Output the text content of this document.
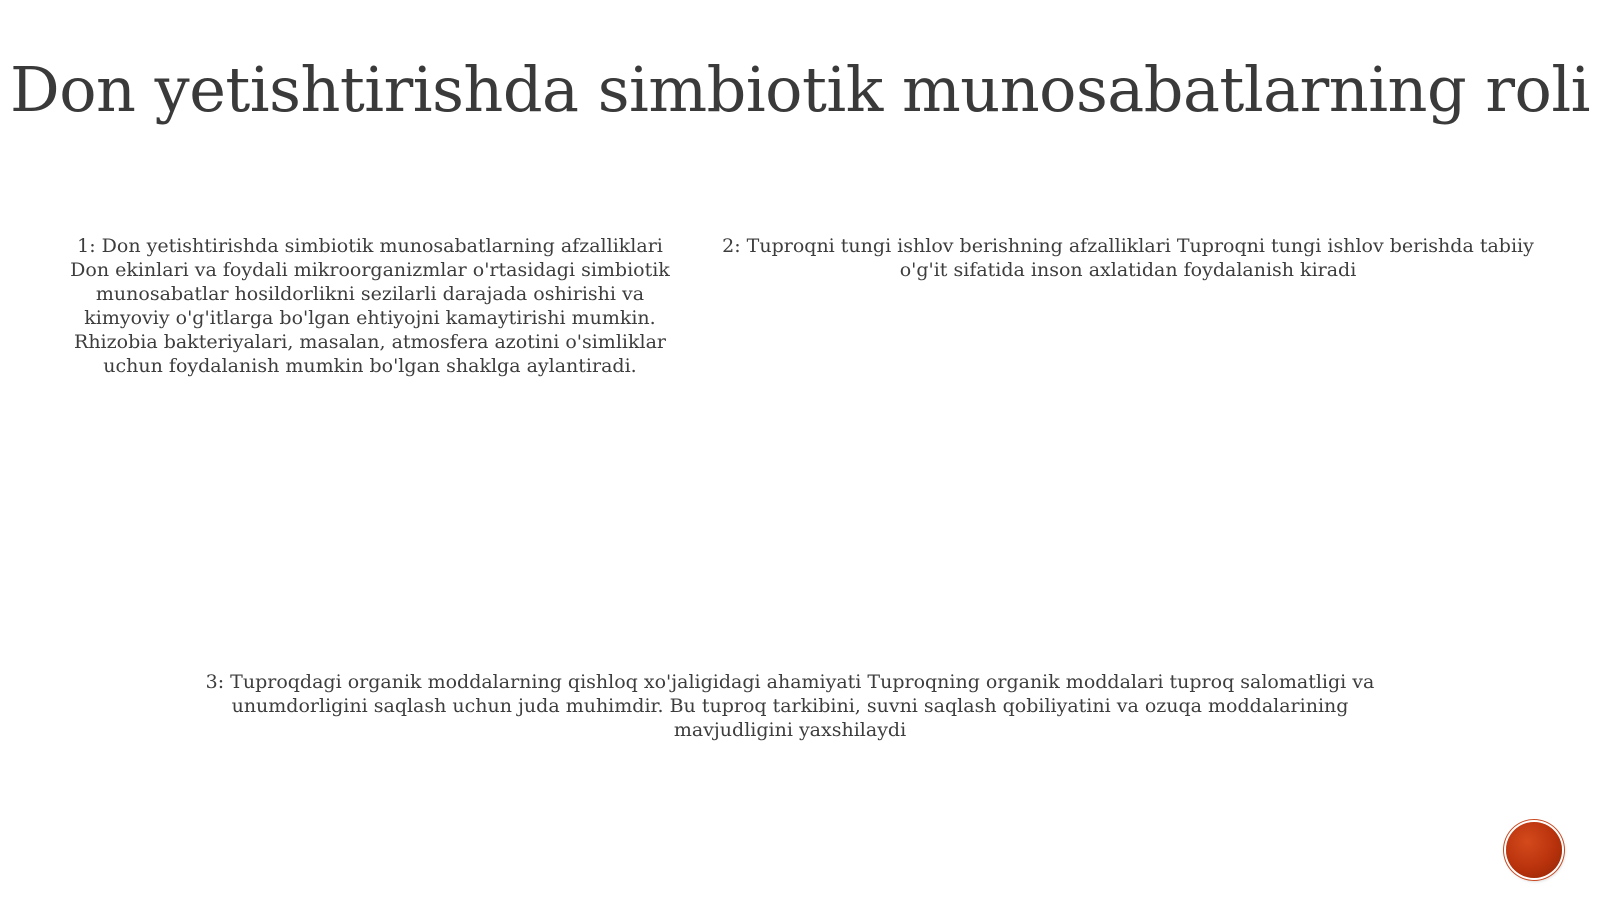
Don yetishtirishda simbiotik munosabatlarning roli

1: Don yetishtirishda simbiotik munosabatlarning afzalliklari Don ekinlari va foydali mikroorganizmlar o'rtasidagi simbiotik munosabatlar hosildorlikni sezilarli darajada oshirishi va kimyoviy o'g'itlarga bo'lgan ehtiyojni kamaytirishi mumkin. Rhizobia bakteriyalari, masalan, atmosfera azotini o'simliklar uchun foydalanish mumkin bo'lgan shaklga aylantiradi.

2: Tuproqni tungi ishlov berishning afzalliklari Tuproqni tungi ishlov berishda tabiiy o'g'it sifatida inson axlatidan foydalanish kiradi

3: Tuproqdagi organik moddalarning qishloq xo'jaligidagi ahamiyati Tuproqning organik moddalari tuproq salomatligi va unumdorligini saqlash uchun juda muhimdir. Bu tuproq tarkibini, suvni saqlash qobiliyatini va ozuqa moddalarining mavjudligini yaxshilaydi
